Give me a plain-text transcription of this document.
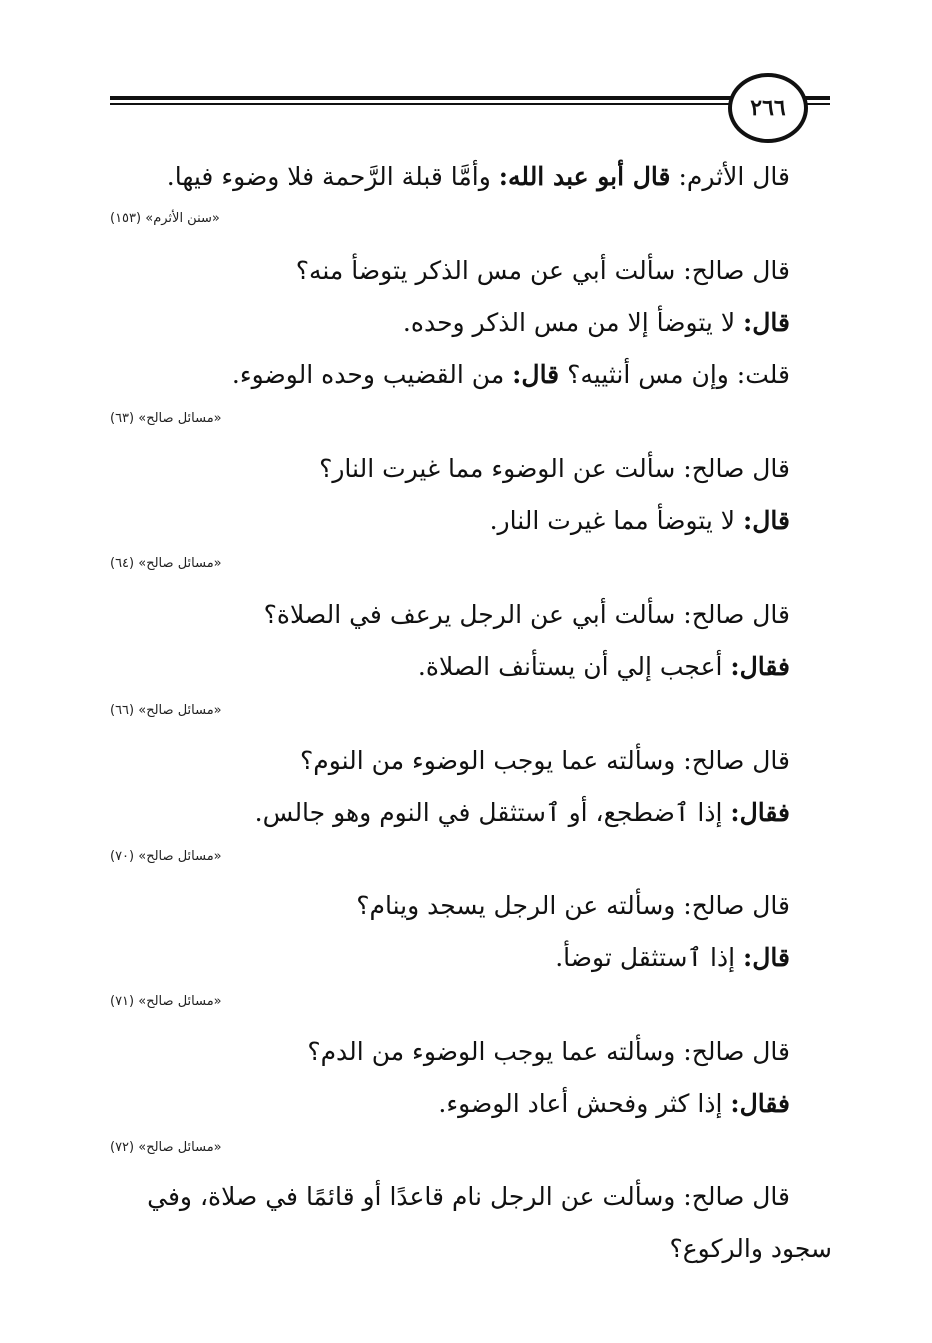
٢٦٦
قال الأثرم: قال أبو عبد الله: وأمَّا قبلة الرَّحمة فلا وضوء فيها.
«سنن الأثرم» (١٥٣)
قال صالح: سألت أبي عن مس الذكر يتوضأ منه؟
قال: لا يتوضأ إلا من مس الذكر وحده.
قلت: وإن مس أنثييه؟ قال: من القضيب وحده الوضوء.
«مسائل صالح» (٦٣)
قال صالح: سألت عن الوضوء مما غيرت النار؟
قال: لا يتوضأ مما غيرت النار.
«مسائل صالح» (٦٤)
قال صالح: سألت أبي عن الرجل يرعف في الصلاة؟
فقال: أعجب إلي أن يستأنف الصلاة.
«مسائل صالح» (٦٦)
قال صالح: وسألته عما يوجب الوضوء من النوم؟
فقال: إذا ٱضطجع، أو ٱستثقل في النوم وهو جالس.
«مسائل صالح» (٧٠)
قال صالح: وسألته عن الرجل يسجد وينام؟
قال: إذا ٱستثقل توضأ.
«مسائل صالح» (٧١)
قال صالح: وسألته عما يوجب الوضوء من الدم؟
فقال: إذا كثر وفحش أعاد الوضوء.
«مسائل صالح» (٧٢)
قال صالح: وسألت عن الرجل نام قاعدًا أو قائمًا في صلاة، وفي
سجود والركوع؟
